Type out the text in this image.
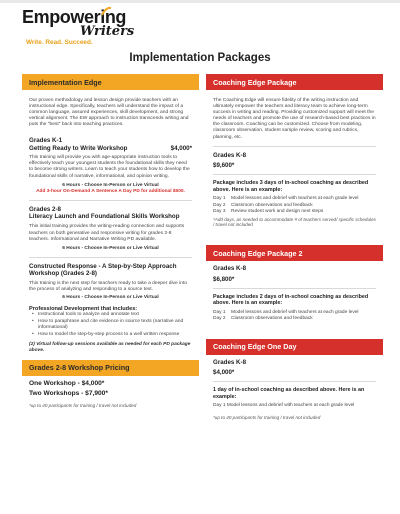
Empowering
Writers
Write. Read. Succeed.
Implementation Packages
Implementation Edge
Our proven methodology and lesson design provide teachers with an instructional edge. Specifically, teachers will understand the impact of a common language, assured experiences, skill development, and strong vertical alignment. The EW approach to instruction transcends writing and puts the "best" back into teaching practices.
Grades K-1
Getting Ready to Write Workshop	$4,000*
This training will provide you with age-appropriate instruction tools to effectively teach your youngest students the foundational skills they need to become strong writers. Learn to teach your students how to develop the foundational skills of narrative, informational, and opinion writing.
6 Hours - Choose In-Person or Live Virtual
Add 3-hour On-Demand A Sentence A Day PD for additional $500.
Grades 2-8
Literacy Launch and Foundational Skills Workshop
This initial training provides the writing-reading connection and supports teachers on both generative and responsive writing for grades 2-8 teachers. Informational and Narrative Writing PD available.
6 Hours - Choose In-Person or Live Virtual
Constructed Response - A Step-by-Step Approach Workshop (Grades 2-8)
This training is the next step for teachers ready to take a deeper dive into the process of analyzing and responding to a source text.
6 Hours - Choose In-Person or Live Virtual
Professional Development that includes:
• Instructional tools to analyze and annotate text
• How to paraphrase and cite evidence in source texts (narrative and informational)
• How to model the step-by-step process to a well written response
(2) Virtual follow-up sessions available as needed for each PD package above.
Grades 2-8 Workshop Pricing
One Workshop - $4,000*
Two Workshops - $7,900*
*up to 40 participants for training / travel not included
Coaching Edge Package
The Coaching Edge will ensure fidelity of the writing instruction and ultimately empower the teachers and literacy team to achieve long-term success in writing and reading. Providing customized support will meet the needs of teachers and promote the use of research-based best practices in the classroom. Coaching can be customized. Choose from modeling, classroom observation, student sample review, scoring and rubrics, planning, etc.
Grades K-8
$9,600*
Package includes 3 days of in-school coaching as described above. Here is an example:
Day 1	Model lessons and debrief with teachers at each grade level
Day 2	Classroom observations and feedback
Day 3	Review student work and design next steps
*Add days, as needed to accommodate # of teachers served/ specific schedules / travel not included
Coaching Edge Package 2
Grades K-8
$6,800*
Package includes 2 days of in-school coaching as described above. Here is an example:
Day 1	Model lessons and debrief with teachers at each grade level
Day 2	Classroom observations and feedback
Coaching Edge One Day
Grades K-8
$4,000*
1 day of in-school coaching as described above. Here is an example:
Day 1 Model lessons and debrief with teachers at each grade level
*up to 40 participants for training / travel not included
